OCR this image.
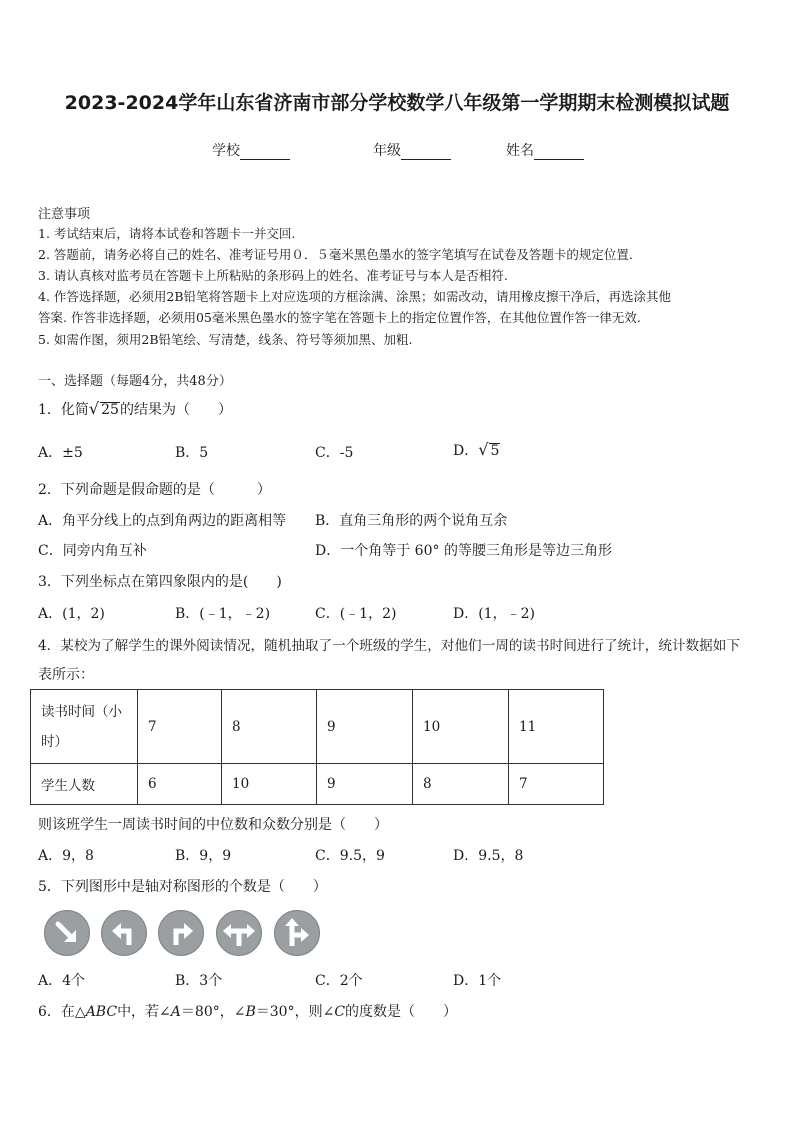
2023-2024学年山东省济南市部分学校数学八年级第一学期期末检测模拟试题
学校	年级	姓名
注意事项
1. 考试结束后，请将本试卷和答题卡一并交回.
2. 答题前，请务必将自己的姓名、准考证号用０．５毫米黑色墨水的签字笔填写在试卷及答题卡的规定位置.
3. 请认真核对监考员在答题卡上所粘贴的条形码上的姓名、准考证号与本人是否相符.
4. 作答选择题，必须用2B铅笔将答题卡上对应选项的方框涂满、涂黑；如需改动，请用橡皮擦干净后，再选涂其他
答案. 作答非选择题，必须用05毫米黑色墨水的签字笔在答题卡上的指定位置作答，在其他位置作答一律无效.
5. 如需作图，须用2B铅笔绘、写清楚，线条、符号等须加黑、加粗.
一、选择题（每题4分，共48分）
1．化简√ 25的结果为（　　）
A．±5	B．5	C．-5	D．√ 5
2．下列命题是假命题的是（　　　）
A．角平分线上的点到角两边的距离相等 B．直角三角形的两个说角互余
C．同旁内角互补	D．一个角等于 60° 的等腰三角形是等边三角形
3．下列坐标点在第四象限内的是(　　)
A．(1，2)	B．(﹣1，﹣2)	C．(﹣1，2)	D．(1，﹣2)
4．某校为了解学生的课外阅读情况，随机抽取了一个班级的学生，对他们一周的读书时间进行了统计，统计数据如下
表所示：
读书时间（小
时）	7	8	9	10	11
学生人数	6	10	9	8	7
则该班学生一周读书时间的中位数和众数分别是（　　）
A．9，8	B．9，9	C．9.5，9	D．9.5，8
5．下列图形中是轴对称图形的个数是（　　）
A．4个	B．3个	C．2个	D．1个
6．在△ABC中，若∠A＝80°，∠B＝30°，则∠C的度数是（　　）
